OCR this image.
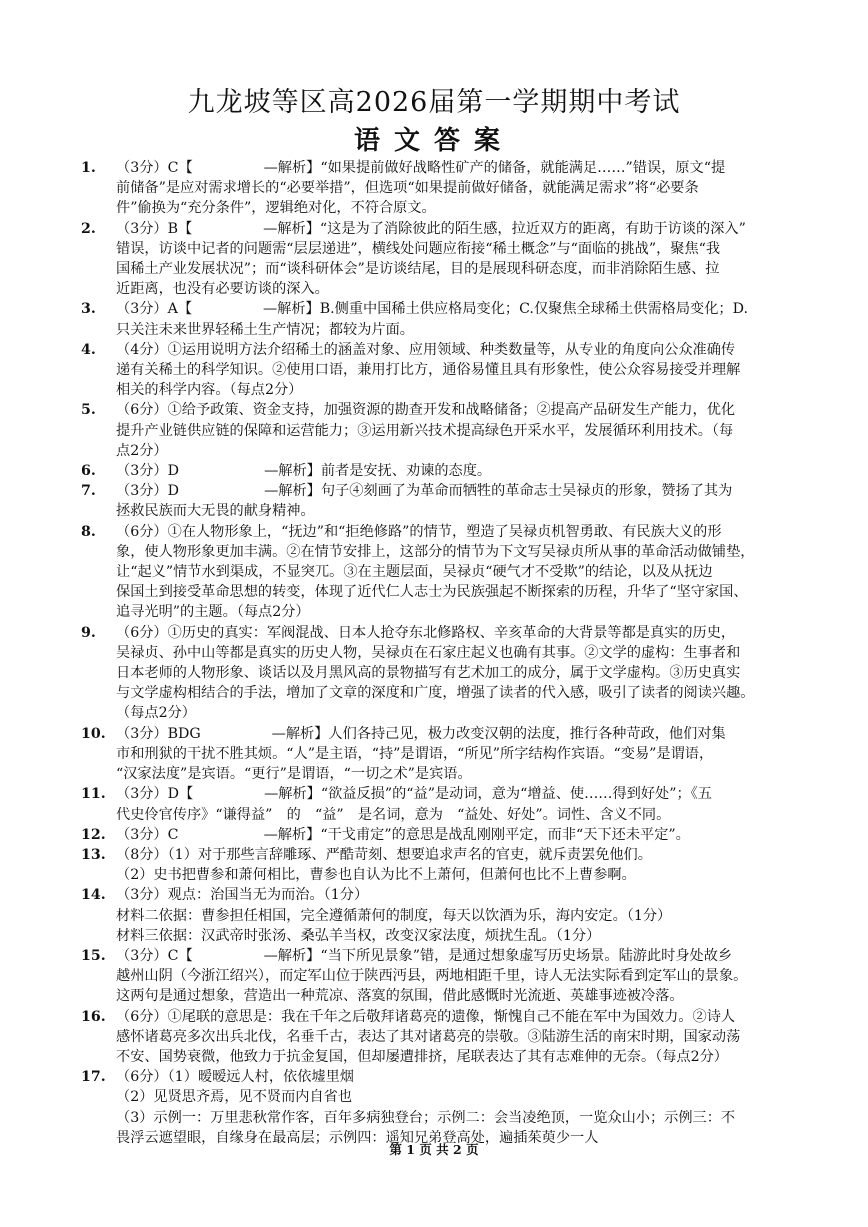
九龙坡等区高2026届第一学期期中考试
语文答案
1. （3分）C【　　　　　—解析】“如果提前做好战略性矿产的储备，就能满足……”错误，原文“提
前储备”是应对需求增长的“必要举措”，但选项“如果提前做好储备，就能满足需求”将“必要条
件”偷换为“充分条件”，逻辑绝对化，不符合原文。
2. （3分）B【　　　　　—解析】“这是为了消除彼此的陌生感，拉近双方的距离，有助于访谈的深入”
错误，访谈中记者的问题需“层层递进”，横线处问题应衔接“稀土概念”与“面临的挑战”，聚焦“我
国稀土产业发展状况”；而“谈科研体会”是访谈结尾，目的是展现科研态度，而非消除陌生感、拉
近距离，也没有必要访谈的深入。
3. （3分）A【　　　　　—解析】B.侧重中国稀土供应格局变化；C.仅聚焦全球稀土供需格局变化；D.
只关注未来世界轻稀土生产情况；都较为片面。
4. （4分）①运用说明方法介绍稀土的涵盖对象、应用领域、种类数量等，从专业的角度向公众准确传
递有关稀土的科学知识。②使用口语，兼用打比方，通俗易懂且具有形象性，使公众容易接受并理解
相关的科学内容。（每点2分）
5. （6分）①给予政策、资金支持，加强资源的勘查开发和战略储备；②提高产品研发生产能力，优化
提升产业链供应链的保障和运营能力；③运用新兴技术提高绿色开采水平，发展循环利用技术。（每
点2分）
6. （3分）D　　　　　　—解析】前者是安抚、劝谏的态度。
7. （3分）D　　　　　　—解析】句子④刻画了为革命而牺牲的革命志士吴禄贞的形象，赞扬了其为
拯救民族而大无畏的献身精神。
8. （6分）①在人物形象上，“抚边”和“拒绝修路”的情节，塑造了吴禄贞机智勇敢、有民族大义的形
象，使人物形象更加丰满。②在情节安排上，这部分的情节为下文写吴禄贞所从事的革命活动做铺垫，
让“起义”情节水到渠成，不显突兀。③在主题层面，吴禄贞“硬气才不受欺”的结论，以及从抚边
保国土到接受革命思想的转变，体现了近代仁人志士为民族强起不断探索的历程，升华了“坚守家国、
追寻光明”的主题。（每点2分）
9. （6分）①历史的真实：军阀混战、日本人抢夺东北修路权、辛亥革命的大背景等都是真实的历史，
吴禄贞、孙中山等都是真实的历史人物，吴禄贞在石家庄起义也确有其事。②文学的虚构：生事者和
日本老师的人物形象、谈话以及月黑风高的景物描写有艺术加工的成分，属于文学虚构。③历史真实
与文学虚构相结合的手法，增加了文章的深度和广度，增强了读者的代入感，吸引了读者的阅读兴趣。
（每点2分）
10. （3分）BDG　　　　　—解析】人们各持己见，极力改变汉朝的法度，推行各种苛政，他们对集
市和刑狱的干扰不胜其烦。“人”是主语，“持”是谓语，“所见”所字结构作宾语。“变易”是谓语，
“汉家法度”是宾语。“更行”是谓语，“一切之术”是宾语。
11. （3分）D【　　　　　—解析】“欲益反损”的“益”是动词，意为“增益、使……得到好处”；《五
代史伶官传序》“谦得益”　的　“益”　是名词，意为　“益处、好处”。词性、含义不同。
12. （3分）C　　　　　　—解析】“干戈甫定”的意思是战乱刚刚平定，而非“天下还未平定”。
13. （8分）（1）对于那些言辞雕琢、严酷苛刻、想要追求声名的官吏，就斥责罢免他们。
（2）史书把曹参和萧何相比，曹参也自认为比不上萧何，但萧何也比不上曹参啊。
14. （3分）观点：治国当无为而治。（1分）
材料二依据：曹参担任相国，完全遵循萧何的制度，每天以饮酒为乐，海内安定。（1分）
材料三依据：汉武帝时张汤、桑弘羊当权，改变汉家法度，烦扰生乱。（1分）
15. （3分）C【　　　　　—解析】“当下所见景象”错，是通过想象虚写历史场景。陆游此时身处故乡
越州山阴（今浙江绍兴），而定军山位于陕西沔县，两地相距千里，诗人无法实际看到定军山的景象。
这两句是通过想象，营造出一种荒凉、落寞的氛围，借此感慨时光流逝、英雄事迹被冷落。
16. （6分）①尾联的意思是：我在千年之后敬拜诸葛亮的遗像，惭愧自己不能在军中为国效力。②诗人
感怀诸葛亮多次出兵北伐，名垂千古，表达了其对诸葛亮的崇敬。③陆游生活的南宋时期，国家动荡
不安、国势衰微，他致力于抗金复国，但却屡遭排挤，尾联表达了其有志难伸的无奈。（每点2分）
17. （6分）（1）暧暧远人村，依依墟里烟
（2）见贤思齐焉，见不贤而内自省也
（3）示例一：万里悲秋常作客，百年多病独登台；示例二：会当凌绝顶，一览众山小；示例三：不
畏浮云遮望眼，自缘身在最高层；示例四：遥知兄弟登高处，遍插茱萸少一人
第 1 页 共 2 页
